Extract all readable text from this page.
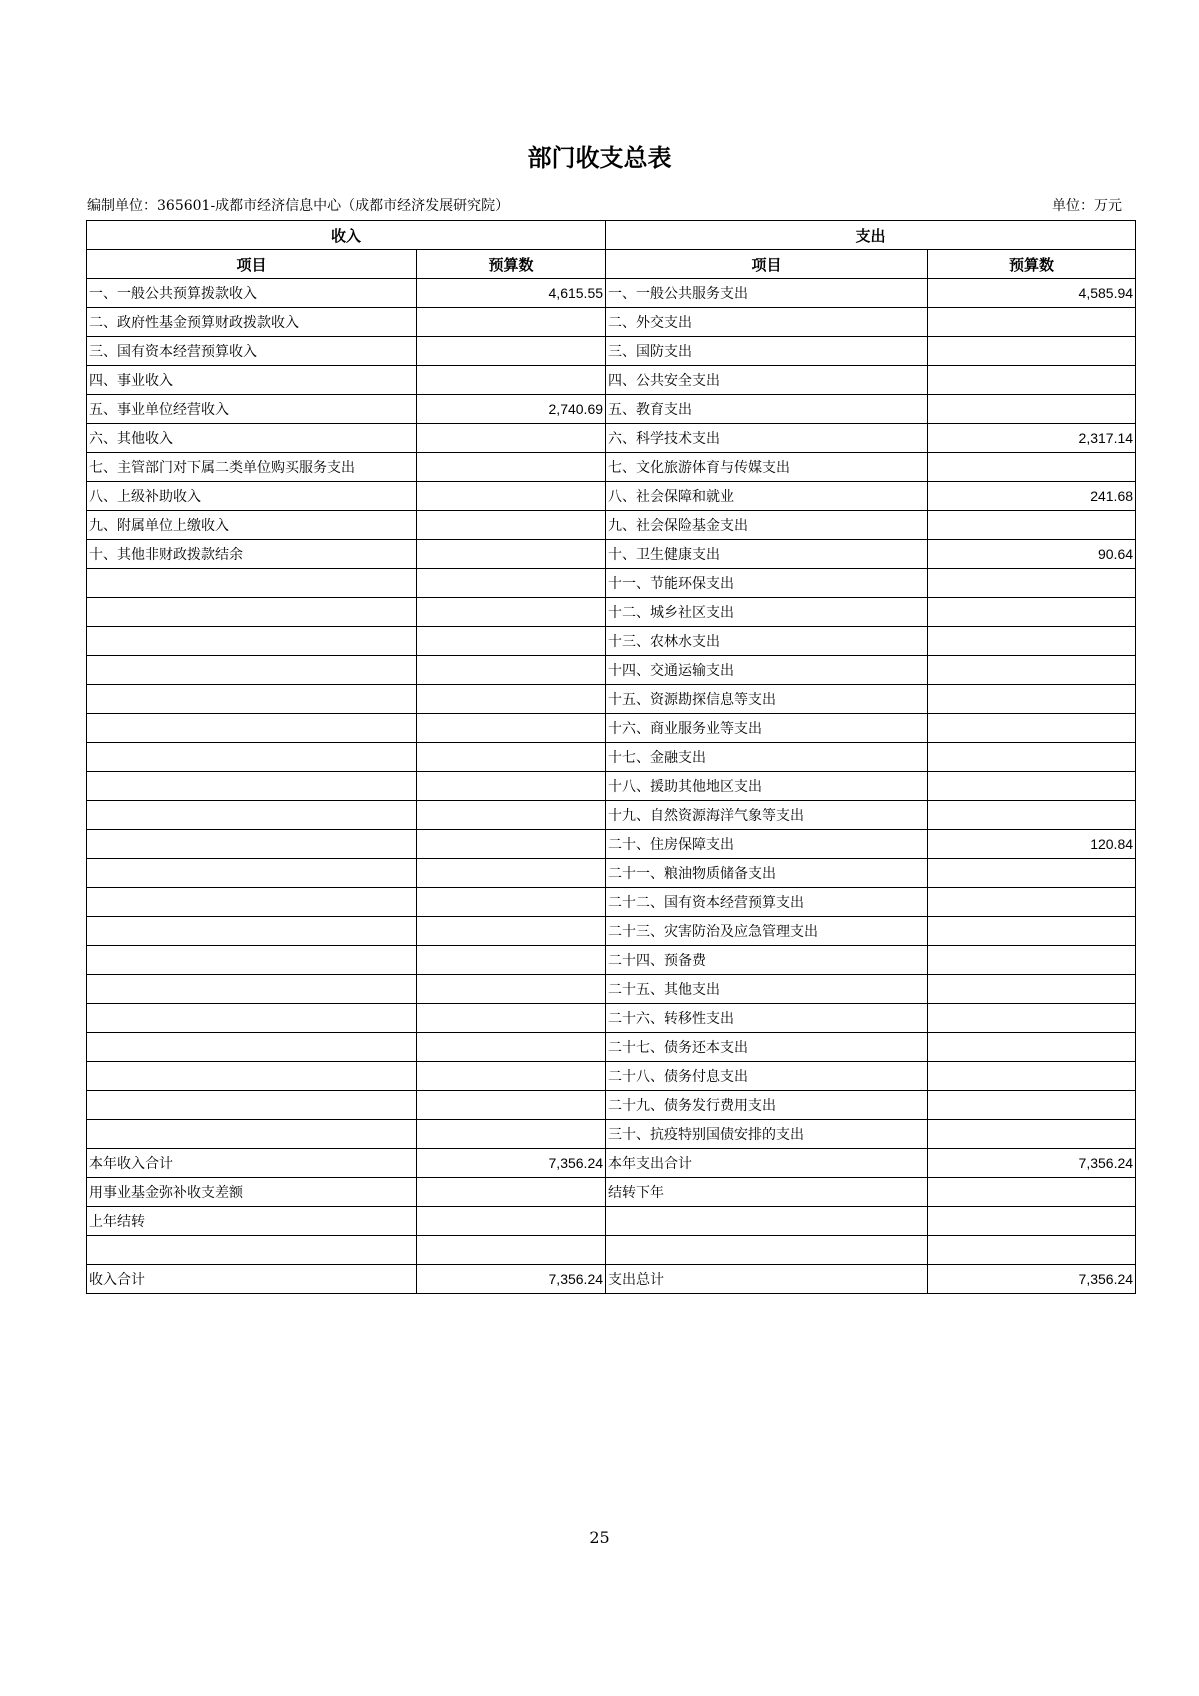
部门收支总表
编制单位：365601-成都市经济信息中心（成都市经济发展研究院）	单位：万元
收入		支出	
项目	预算数	项目	预算数
一、一般公共预算拨款收入	4,615.55	一、一般公共服务支出	4,585.94
二、政府性基金预算财政拨款收入		二、外交支出	
三、国有资本经营预算收入		三、国防支出	
四、事业收入		四、公共安全支出	
五、事业单位经营收入	2,740.69	五、教育支出	
六、其他收入		六、科学技术支出	2,317.14
七、主管部门对下属二类单位购买服务支出		七、文化旅游体育与传媒支出	
八、上级补助收入		八、社会保障和就业	241.68
九、附属单位上缴收入		九、社会保险基金支出	
十、其他非财政拨款结余		十、卫生健康支出	90.64
		十一、节能环保支出	
		十二、城乡社区支出	
		十三、农林水支出	
		十四、交通运输支出	
		十五、资源勘探信息等支出	
		十六、商业服务业等支出	
		十七、金融支出	
		十八、援助其他地区支出	
		十九、自然资源海洋气象等支出	
		二十、住房保障支出	120.84
		二十一、粮油物质储备支出	
		二十二、国有资本经营预算支出	
		二十三、灾害防治及应急管理支出	
		二十四、预备费	
		二十五、其他支出	
		二十六、转移性支出	
		二十七、债务还本支出	
		二十八、债务付息支出	
		二十九、债务发行费用支出	
		三十、抗疫特别国债安排的支出	
本年收入合计	7,356.24	本年支出合计	7,356.24
用事业基金弥补收支差额		结转下年	
上年结转			

收入合计	7,356.24	支出总计	7,356.24
25
